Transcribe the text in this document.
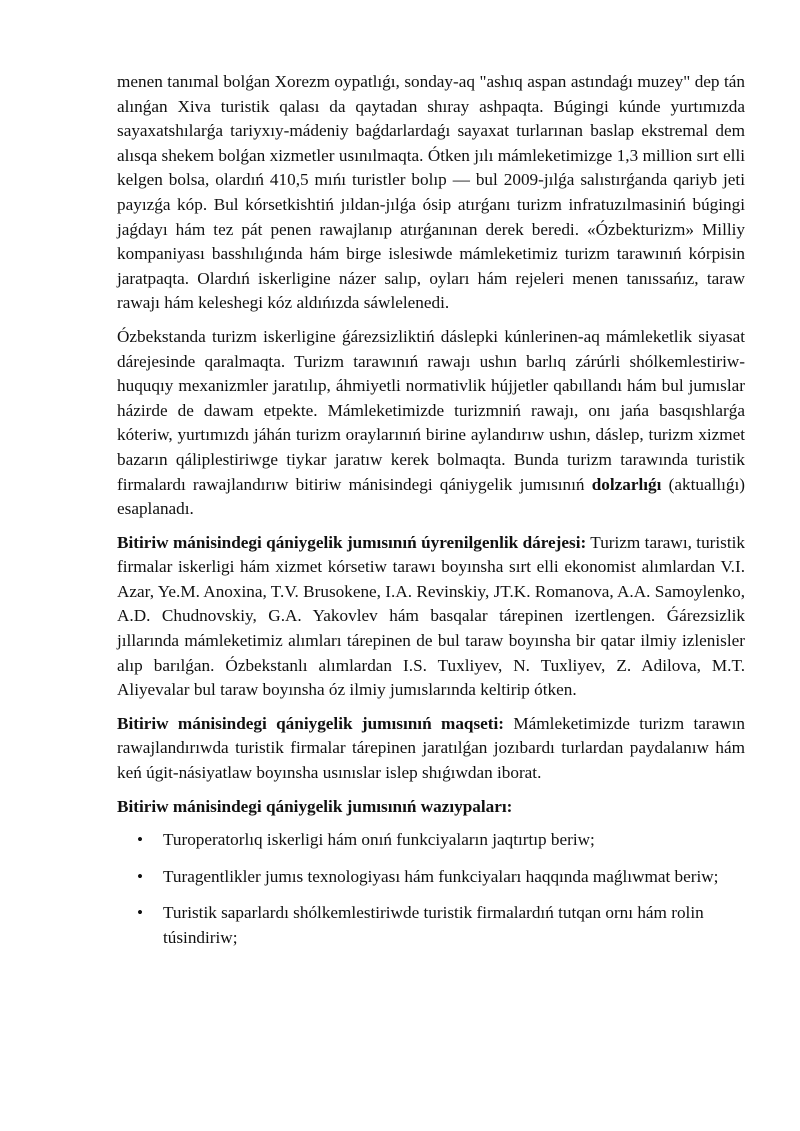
menen tanımal bolǵan Xorezm oypatlıǵı, sonday-aq "ashıq aspan astındaǵı muzey" dep tán alınǵan Xiva turistik qalası da qaytadan shıray ashpaqta. Búgingi kúnde yurtımızda sayaxatshılarǵa tariyxıy-mádeniy baǵdarlardaǵı sayaxat turlarınan baslap ekstremal dem alısqa shekem bolǵan xizmetler usınılmaqta. Ótken jılı mámleketimizge 1,3 million sırt elli kelgen bolsa, olardıń 410,5 mıńı turistler bolıp — bul 2009-jılǵa salıstırǵanda qariyb jeti payızǵa kóp. Bul kórsetkishtiń jıldan-jılǵa ósip atırǵanı turizm infratuzılmasiniń búgingi jaǵdayı hám tez pát penen rawajlanıp atırǵanınan derek beredi. «Ózbekturizm» Milliy kompaniyası basshılıǵında hám birge islesiwde mámleketimiz turizm tarawınıń kórpisin jaratpaqta. Olardıń iskerligine názer salıp, oyları hám rejeleri menen tanıssańız, taraw rawajı hám keleshegi kóz aldıńızda sáwlelenedi.

Ózbekstanda turizm iskerligine ǵárezsizliktiń dáslepki kúnlerinen-aq mámleketlik siyasat dárejesinde qaralmaqta. Turizm tarawınıń rawajı ushın barlıq zárúrli shólkemlestiriw-huquqıy mexanizmler jaratılıp, áhmiyetli normativlik hújjetler qabıllandı hám bul jumıslar házirde de dawam etpekte. Mámleketimizde turizmniń rawajı, onı jańa basqıshlarǵa kóteriw, yurtımızdı jáhán turizm oraylarınıń birine aylandırıw ushın, dáslep, turizm xizmet bazarın qáliplestiriwge tiykar jaratıw kerek bolmaqta. Bunda turizm tarawında turistik firmalardı rawajlandırıw bitiriw mánisindegi qániygelik jumısınıń dolzarlıǵı (aktuallıǵı) esaplanadı.

Bitiriw mánisindegi qániygelik jumısınıń úyrenilgenlik dárejesi: Turizm tarawı, turistik firmalar iskerligi hám xizmet kórsetiw tarawı boyınsha sırt elli ekonomist alımlardan V.I. Azar, Ye.M. Anoxina, T.V. Brusokene, I.A. Revinskiy, JT.K. Romanova, A.A. Samoylenko, A.D. Chudnovskiy, G.A. Yakovlev hám basqalar tárepinen izertlengen. Ǵárezsizlik jıllarında mámleketimiz alımları tárepinen de bul taraw boyınsha bir qatar ilmiy izlenisler alıp barılǵan. Ózbekstanlı alımlardan I.S. Tuxliyev, N. Tuxliyev, Z. Adilova, M.T. Aliyevalar bul taraw boyınsha óz ilmiy jumıslarında keltirip ótken.

Bitiriw mánisindegi qániygelik jumısınıń maqseti: Mámleketimizde turizm tarawın rawajlandırıwda turistik firmalar tárepinen jaratılǵan jozıbardı turlardan paydalanıw hám keń úgit-násiyatlaw boyınsha usınıslar islep shıǵıwdan iborat.

Bitiriw mánisindegi qániygelik jumısınıń wazıypaları:

• Turoperatorlıq iskerligi hám onıń funkciyaların jaqtırtıp beriw;
• Turagentlikler jumıs texnologiyası hám funkciyaları haqqında maǵlıwmat beriw;
• Turistik saparlardı shólkemlestiriwde turistik firmalardıń tutqan ornı hám rolin túsindiriw;
